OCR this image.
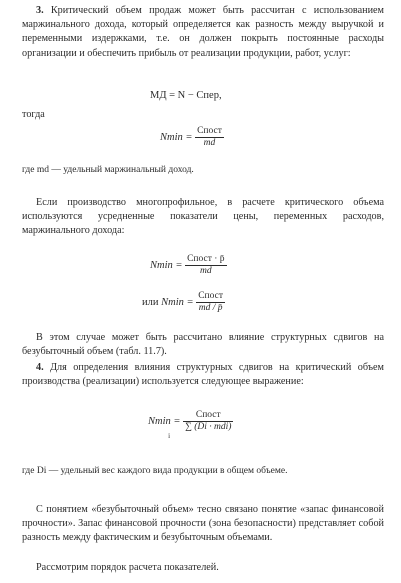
3. Критический объем продаж может быть рассчитан с использованием маржинального дохода, который определяется как разность между выручкой и переменными издержками, т.е. он должен покрыть постоянные расходы организации и обеспечить прибыль от реализации продукции, работ, услуг:

МД = N − Cпер,

тогда

$Nmin = \frac{\text{Cпост}}{md}$

где md — удельный маржинальный доход.

Если производство многопрофильное, в расчете критического объема используются усредненные показатели цены, переменных расходов, маржинального дохода:

$Nmin = \frac{\text{Cпост · p̄}}{md}$
или $Nmin = \frac{\text{Cпост}}{md / p̄}$

В этом случае может быть рассчитано влияние структурных сдвигов на безубыточный объем (табл. 11.7).

4. Для определения влияния структурных сдвигов на критический объем производства (реализации) используется следующее выражение:

$Nmin = \frac{\text{Cпост}}{\text{∑ (Di · mdi)}}$
i

где Di — удельный вес каждого вида продукции в общем объеме.

С понятием «безубыточный объем» тесно связано понятие «запас финансовой прочности». Запас финансовой прочности (зона безопасности) представляет собой разность между фактическим и безубыточным объемами.

Рассмотрим порядок расчета показателей.
